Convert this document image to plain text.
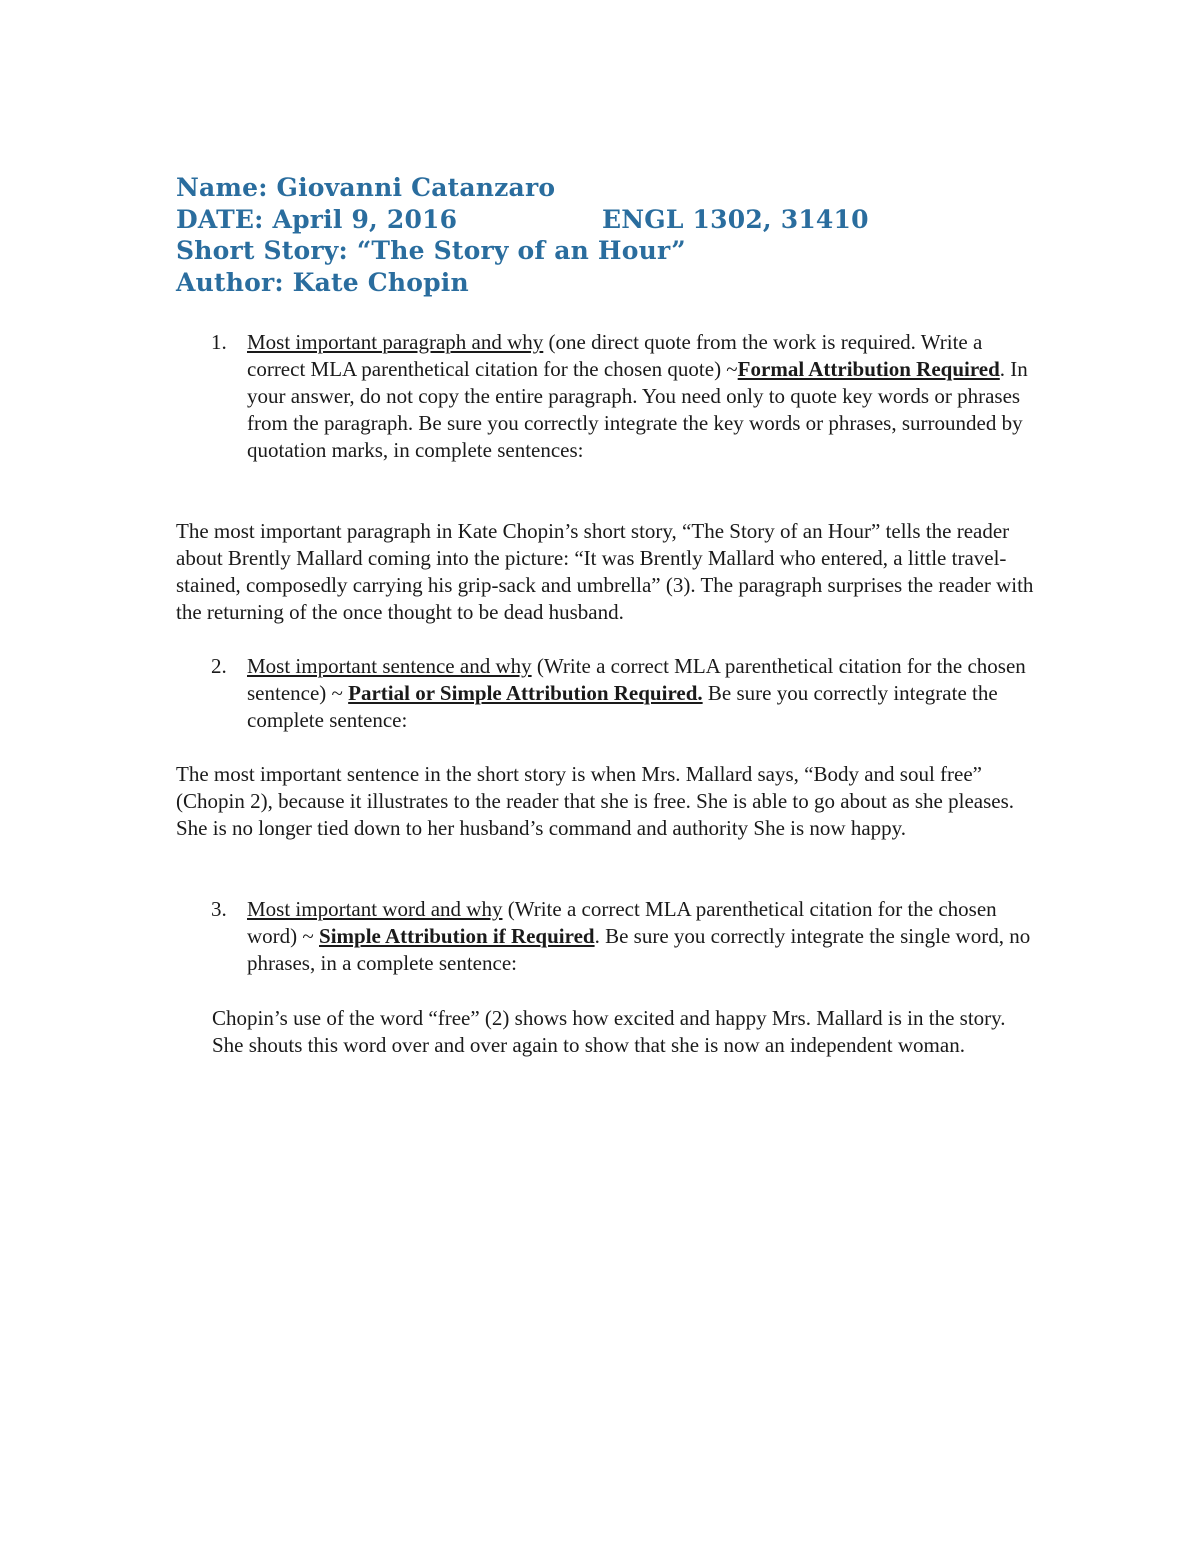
Name: Giovanni Catanzaro
DATE: April 9, 2016	ENGL 1302, 31410
Short Story: “The Story of an Hour”
Author: Kate Chopin
1. Most important paragraph and why (one direct quote from the work is required. Write a correct MLA parenthetical citation for the chosen quote) ~Formal Attribution Required. In your answer, do not copy the entire paragraph. You need only to quote key words or phrases from the paragraph. Be sure you correctly integrate the key words or phrases, surrounded by quotation marks, in complete sentences:

The most important paragraph in Kate Chopin’s short story, “The Story of an Hour” tells the reader about Brently Mallard coming into the picture: “It was Brently Mallard who entered, a little travel-stained, composedly carrying his grip-sack and umbrella” (3). The paragraph surprises the reader with the returning of the once thought to be dead husband.

2. Most important sentence and why (Write a correct MLA parenthetical citation for the chosen sentence) ~ Partial or Simple Attribution Required. Be sure you correctly integrate the complete sentence:

The most important sentence in the short story is when Mrs. Mallard says, “Body and soul free” (Chopin 2), because it illustrates to the reader that she is free. She is able to go about as she pleases. She is no longer tied down to her husband’s command and authority She is now happy.

3. Most important word and why (Write a correct MLA parenthetical citation for the chosen word) ~ Simple Attribution if Required. Be sure you correctly integrate the single word, no phrases, in a complete sentence:

Chopin’s use of the word “free” (2) shows how excited and happy Mrs. Mallard is in the story. She shouts this word over and over again to show that she is now an independent woman.
